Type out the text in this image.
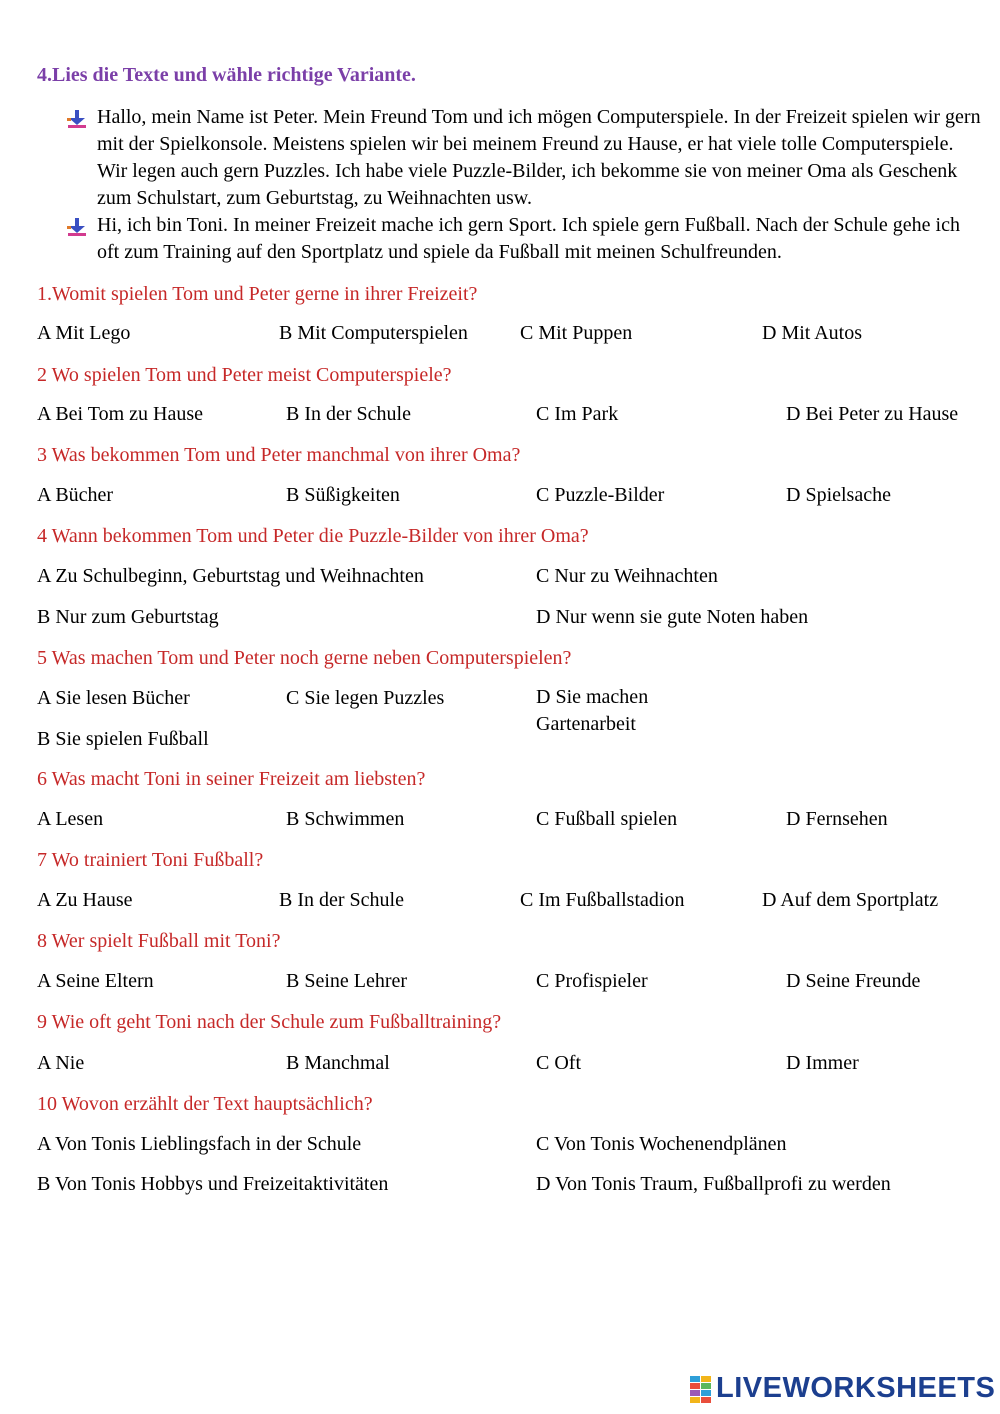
4.Lies die Texte und wähle richtige Variante.
Hallo, mein Name ist Peter. Mein Freund Tom und ich mögen Computerspiele. In der Freizeit spielen wir gern mit der Spielkonsole. Meistens spielen wir bei meinem Freund zu Hause, er hat viele tolle Computerspiele. Wir legen auch gern Puzzles. Ich habe viele Puzzle-Bilder, ich bekomme sie von meiner Oma als Geschenk zum Schulstart, zum Geburtstag, zu Weihnachten usw.
Hi, ich bin Toni. In meiner Freizeit mache ich gern Sport. Ich spiele gern Fußball. Nach der Schule gehe ich oft zum Training auf den Sportplatz und spiele da Fußball mit meinen Schulfreunden.
1.Womit spielen Tom und Peter gerne in ihrer Freizeit?
A Mit Lego	B Mit Computerspielen	C Mit Puppen	D Mit Autos
2 Wo spielen Tom und Peter meist Computerspiele?
A Bei Tom zu Hause	B In der Schule	C Im Park	D Bei Peter zu Hause
3 Was bekommen Tom und Peter manchmal von ihrer Oma?
A Bücher	B Süßigkeiten	C Puzzle-Bilder	D Spielsache
4 Wann bekommen Tom und Peter die Puzzle-Bilder von ihrer Oma?
A Zu Schulbeginn, Geburtstag und Weihnachten	C Nur zu Weihnachten
B Nur zum Geburtstag	D Nur wenn sie gute Noten haben
5 Was machen Tom und Peter noch gerne neben Computerspielen?
A Sie lesen Bücher	C Sie legen Puzzles	D Sie machen Gartenarbeit
B Sie spielen Fußball
6 Was macht Toni in seiner Freizeit am liebsten?
A Lesen	B Schwimmen	C Fußball spielen	D Fernsehen
7 Wo trainiert Toni Fußball?
A Zu Hause	B In der Schule	C Im Fußballstadion	D Auf dem Sportplatz
8 Wer spielt Fußball mit Toni?
A Seine Eltern	B Seine Lehrer	C Profispieler	D Seine Freunde
9 Wie oft geht Toni nach der Schule zum Fußballtraining?
A Nie	B Manchmal	C Oft	D Immer
10 Wovon erzählt der Text hauptsächlich?
A Von Tonis Lieblingsfach in der Schule	C Von Tonis Wochenendplänen
B Von Tonis Hobbys und Freizeitaktivitäten	D Von Tonis Traum, Fußballprofi zu werden
LIVEWORKSHEETS
